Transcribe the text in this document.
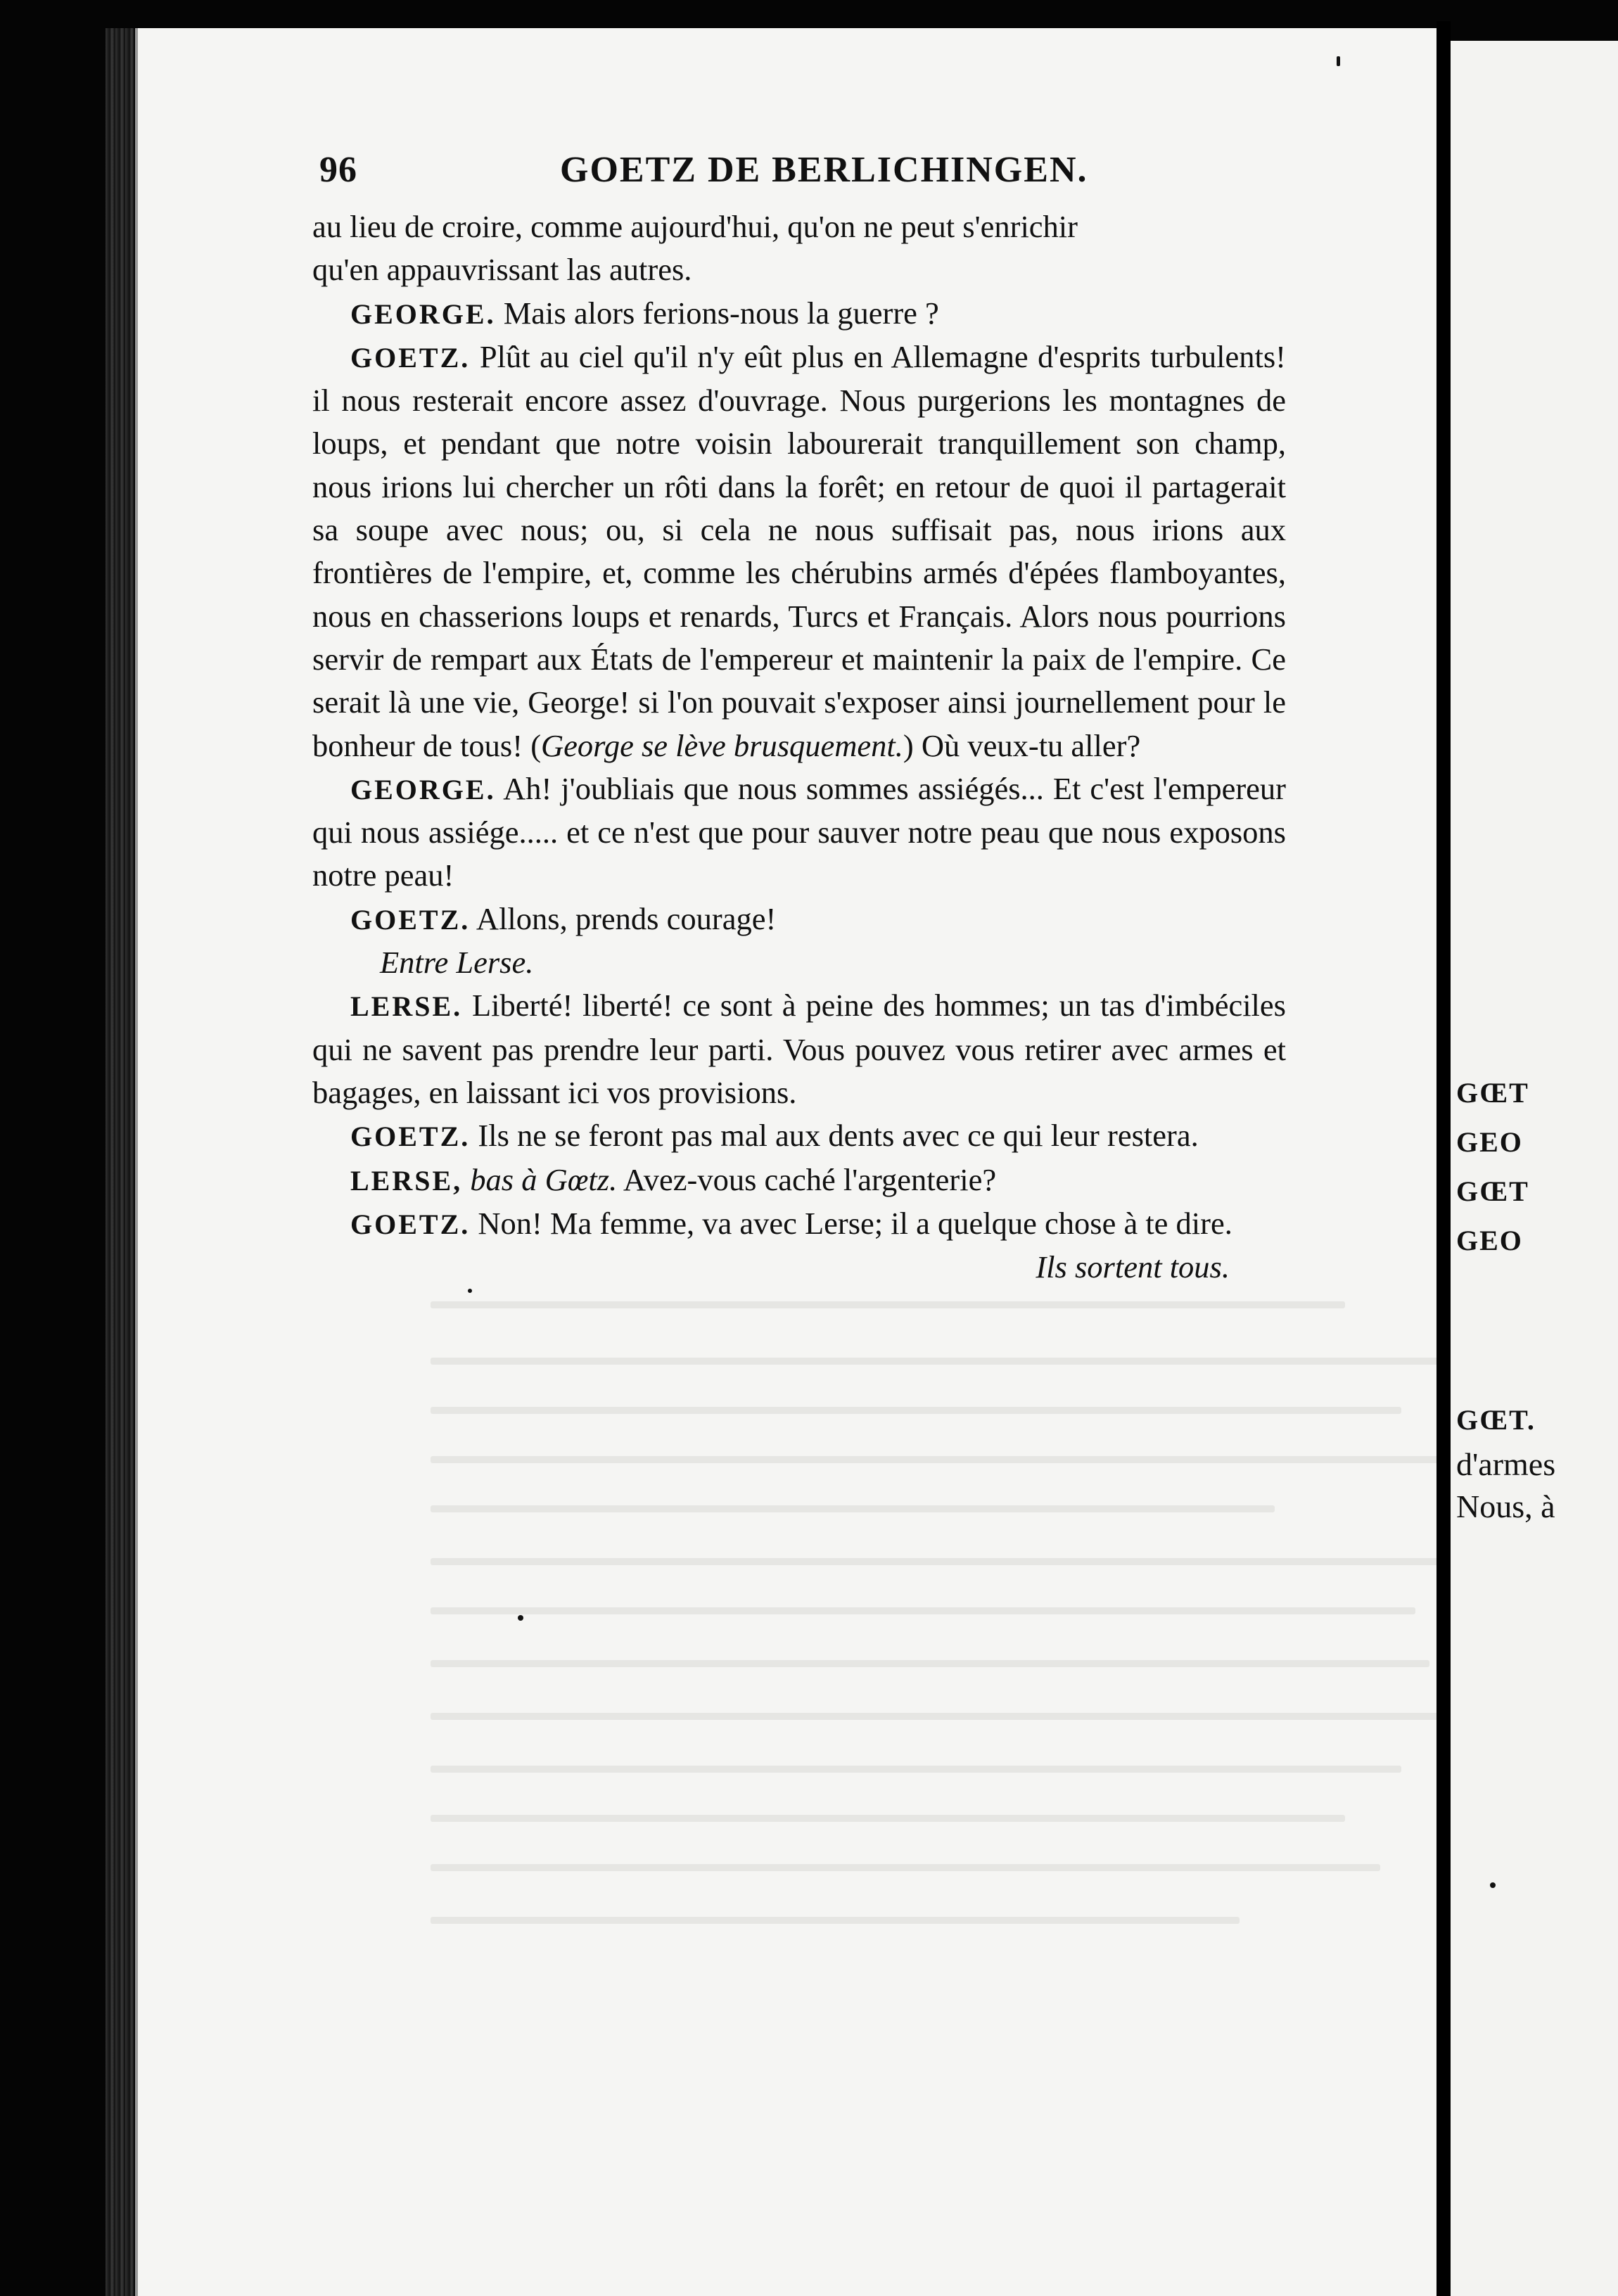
96	GOETZ DE BERLICHINGEN.

au lieu de croire, comme aujourd'hui, qu'on ne peut s'enrichir
qu'en appauvrissant las autres.

GEORGE. Mais alors ferions-nous la guerre ?

GOETZ. Plût au ciel qu'il n'y eût plus en Allemagne d'esprits turbulents! il nous resterait encore assez d'ouvrage. Nous purgerions les montagnes de loups, et pendant que notre voisin labourerait tranquillement son champ, nous irions lui chercher un rôti dans la forêt; en retour de quoi il partagerait sa soupe avec nous; ou, si cela ne nous suffisait pas, nous irions aux frontières de l'empire, et, comme les chérubins armés d'épées flamboyantes, nous en chasserions loups et renards, Turcs et Français. Alors nous pourrions servir de rempart aux États de l'empereur et maintenir la paix de l'empire. Ce serait là une vie, George! si l'on pouvait s'exposer ainsi journellement pour le bonheur de tous! (George se lève brusquement.) Où veux-tu aller?

GEORGE. Ah! j'oubliais que nous sommes assiégés... Et c'est l'empereur qui nous assiége..... et ce n'est que pour sauver notre peau que nous exposons notre peau!

GOETZ. Allons, prends courage!

Entre Lerse.

LERSE. Liberté! liberté! ce sont à peine des hommes; un tas d'imbéciles qui ne savent pas prendre leur parti. Vous pouvez vous retirer avec armes et bagages, en laissant ici vos provisions.

GOETZ. Ils ne se feront pas mal aux dents avec ce qui leur restera.

LERSE, bas à Gœtz. Avez-vous caché l'argenterie?

GOETZ. Non! Ma femme, va avec Lerse; il a quelque chose à te dire.

Ils sortent tous.

GŒT
GEO
GŒT
GEO
GŒT.
d'armes
Nous, à
